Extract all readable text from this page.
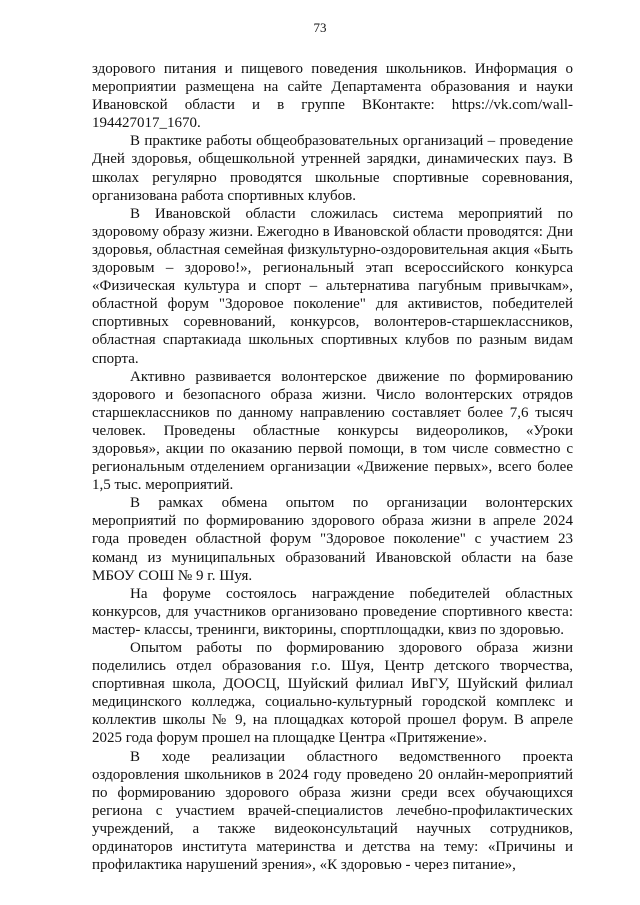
73

здорового питания и пищевого поведения школьников. Информация о мероприятии размещена на сайте Департамента образования и науки Ивановской области и в группе ВКонтакте: https://vk.com/wall-194427017_1670.

В практике работы общеобразовательных организаций – проведение Дней здоровья, общешкольной утренней зарядки, динамических пауз. В школах регулярно проводятся школьные спортивные соревнования, организована работа спортивных клубов.

В Ивановской области сложилась система мероприятий по здоровому образу жизни. Ежегодно в Ивановской области проводятся: Дни здоровья, областная семейная физкультурно-оздоровительная акция «Быть здоровым – здорово!», региональный этап всероссийского конкурса «Физическая культура и спорт – альтернатива пагубным привычкам», областной форум "Здоровое поколение" для активистов, победителей спортивных соревнований, конкурсов, волонтеров-старшеклассников, областная спартакиада школьных спортивных клубов по разным видам спорта.

Активно развивается волонтерское движение по формированию здорового и безопасного образа жизни. Число волонтерских отрядов старшеклассников по данному направлению составляет более 7,6 тысяч человек. Проведены областные конкурсы видеороликов, «Уроки здоровья», акции по оказанию первой помощи, в том числе совместно с региональным отделением организации «Движение первых», всего более 1,5 тыс. мероприятий.

В рамках обмена опытом по организации волонтерских мероприятий по формированию здорового образа жизни в апреле 2024 года проведен областной форум "Здоровое поколение" с участием 23 команд из муниципальных образований Ивановской области на базе МБОУ СОШ № 9 г. Шуя.

На форуме состоялось награждение победителей областных конкурсов, для участников организовано проведение спортивного квеста: мастер- классы, тренинги, викторины, спортплощадки, квиз по здоровью.

Опытом работы по формированию здорового образа жизни поделились отдел образования г.о. Шуя, Центр детского творчества, спортивная школа, ДООСЦ, Шуйский филиал ИвГУ, Шуйский филиал медицинского колледжа, социально-культурный городской комплекс и коллектив школы № 9, на площадках которой прошел форум. В апреле 2025 года форум прошел на площадке Центра «Притяжение».

В ходе реализации областного ведомственного проекта оздоровления школьников в 2024 году проведено 20 онлайн-мероприятий по формированию здорового образа жизни среди всех обучающихся региона с участием врачей-специалистов лечебно-профилактических учреждений, а также видеоконсультаций научных сотрудников, ординаторов института материнства и детства на тему: «Причины и профилактика нарушений зрения», «К здоровью - через питание»,
